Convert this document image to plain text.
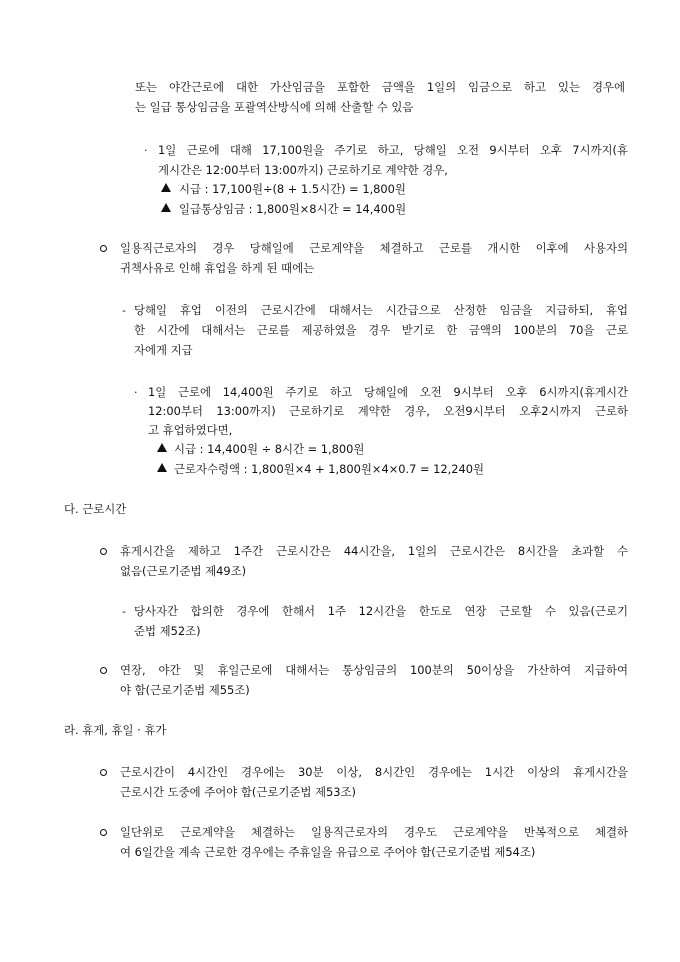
또는 야간근로에 대한 가산임금을 포함한 금액을 1일의 임금으로 하고 있는 경우에
는 일급 통상임금을 포괄역산방식에 의해 산출할 수 있음
· 1일 근로에 대해 17,100원을 주기로 하고, 당해일 오전 9시부터 오후 7시까지(휴
게시간은 12:00부터 13:00까지) 근로하기로 계약한 경우,
시급 : 17,100원÷(8 + 1.5시간) = 1,800원
일급통상임금 : 1,800원×8시간 = 14,400원
일용직근로자의 경우 당해일에 근로계약을 체결하고 근로를 개시한 이후에 사용자의
귀책사유로 인해 휴업을 하게 된 때에는
- 당해일 휴업 이전의 근로시간에 대해서는 시간급으로 산정한 임금을 지급하되, 휴업
한 시간에 대해서는 근로를 제공하였을 경우 받기로 한 금액의 100분의 70을 근로
자에게 지급
· 1일 근로에 14,400원 주기로 하고 당해일에 오전 9시부터 오후 6시까지(휴게시간
12:00부터 13:00까지) 근로하기로 계약한 경우, 오전9시부터 오후2시까지 근로하
고 휴업하였다면,
시급 : 14,400원 ÷ 8시간 = 1,800원
근로자수령액 : 1,800원×4 + 1,800원×4×0.7 = 12,240원
다. 근로시간
휴게시간을 제하고 1주간 근로시간은 44시간을, 1일의 근로시간은 8시간을 초과할 수
없음(근로기준법 제49조)
- 당사자간 합의한 경우에 한해서 1주 12시간을 한도로 연장 근로할 수 있음(근로기
준법 제52조)
연장, 야간 및 휴일근로에 대해서는 통상임금의 100분의 50이상을 가산하여 지급하여
야 함(근로기준법 제55조)
라. 휴게, 휴일 · 휴가
근로시간이 4시간인 경우에는 30분 이상, 8시간인 경우에는 1시간 이상의 휴게시간을
근로시간 도중에 주어야 함(근로기준법 제53조)
일단위로 근로계약을 체결하는 일용직근로자의 경우도 근로계약을 반복적으로 체결하
여 6일간을 계속 근로한 경우에는 주휴일을 유급으로 주어야 함(근로기준법 제54조)
